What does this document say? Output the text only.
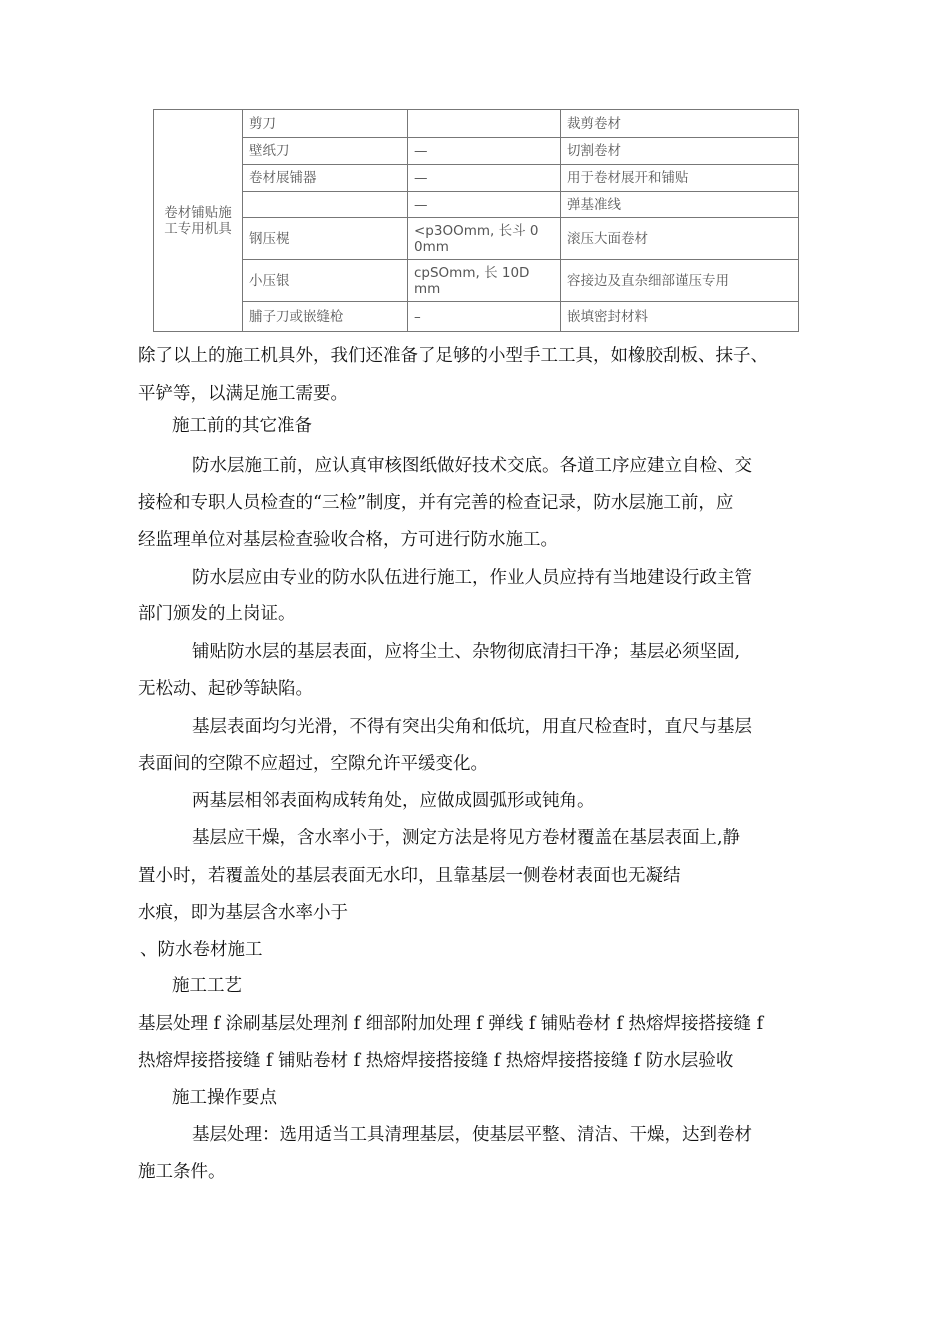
卷材铺贴施工专用机具	剪刀		裁剪卷材
	壁纸刀	—	切割卷材
	卷材展铺器	—	用于卷材展开和铺贴
		—	弹基准线
	钢压榥	<p3OOmm, 长斗 0 0mm	滚压大面卷材
	小压银	cpSOmm, 长 10D mm	容接边及直杂细部谨压专用
	脯子刀或嵌缝枪	–	嵌填密封材料
除了以上的施工机具外，我们还准备了足够的小型手工工具，如橡胶刮板、抹子、
平铲等，以满足施工需要。
施工前的其它准备
防水层施工前，应认真审核图纸做好技术交底。各道工序应建立自检、交
接检和专职人员检查的“三检”制度，并有完善的检查记录，防水层施工前，应
经监理单位对基层检查验收合格，方可进行防水施工。
防水层应由专业的防水队伍进行施工，作业人员应持有当地建设行政主管
部门颁发的上岗证。
铺贴防水层的基层表面，应将尘土、杂物彻底清扫干净；基层必须坚固,
无松动、起砂等缺陷。
基层表面均匀光滑，不得有突出尖角和低坑，用直尺检查时，直尺与基层
表面间的空隙不应超过，空隙允许平缓变化。
两基层相邻表面构成转角处，应做成圆弧形或钝角。
基层应干燥，含水率小于，测定方法是将见方卷材覆盖在基层表面上,静
置小时，若覆盖处的基层表面无水印，且靠基层一侧卷材表面也无凝结
水痕，即为基层含水率小于
、防水卷材施工
施工工艺
基层处理 f 涂刷基层处理剂 f 细部附加处理 f 弹线 f 铺贴卷材 f 热熔焊接搭接缝 f
热熔焊接搭接缝 f 铺贴卷材 f 热熔焊接搭接缝 f 热熔焊接搭接缝 f 防水层验收
施工操作要点
基层处理：选用适当工具清理基层，使基层平整、清洁、干燥，达到卷材
施工条件。
